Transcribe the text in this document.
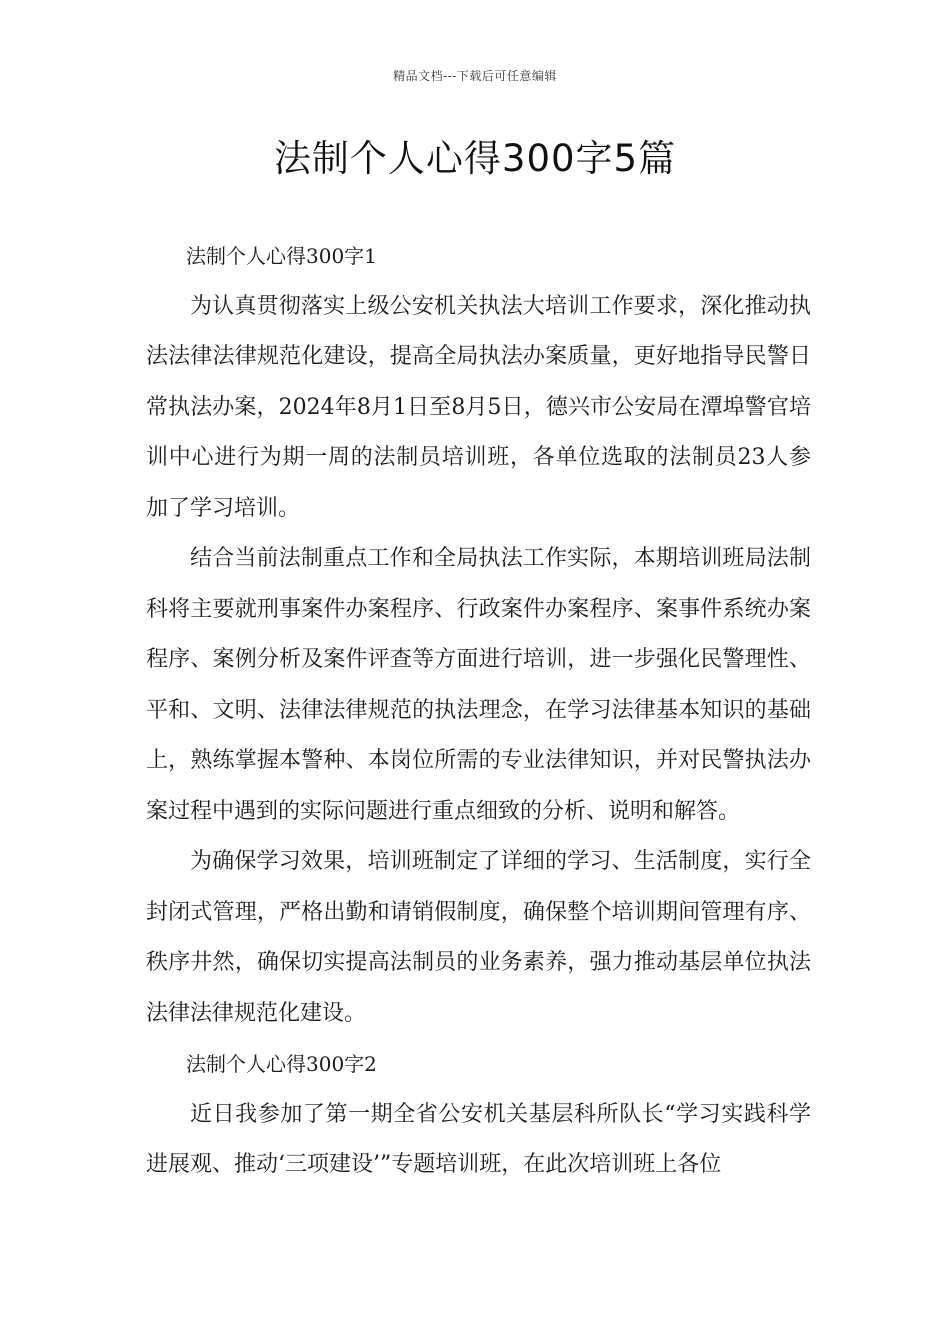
精品文档---下载后可任意编辑
法制个人心得300字5篇

法制个人心得300字1

为认真贯彻落实上级公安机关执法大培训工作要求，深化推动执法法律法律规范化建设，提高全局执法办案质量，更好地指导民警日常执法办案，2024年8月1日至8月5日，德兴市公安局在潭埠警官培训中心进行为期一周的法制员培训班，各单位选取的法制员23人参加了学习培训。

结合当前法制重点工作和全局执法工作实际，本期培训班局法制科将主要就刑事案件办案程序、行政案件办案程序、案事件系统办案程序、案例分析及案件评查等方面进行培训，进一步强化民警理性、平和、文明、法律法律规范的执法理念，在学习法律基本知识的基础上，熟练掌握本警种、本岗位所需的专业法律知识，并对民警执法办案过程中遇到的实际问题进行重点细致的分析、说明和解答。

为确保学习效果，培训班制定了详细的学习、生活制度，实行全封闭式管理，严格出勤和请销假制度，确保整个培训期间管理有序、秩序井然，确保切实提高法制员的业务素养，强力推动基层单位执法法律法律规范化建设。

法制个人心得300字2

近日我参加了第一期全省公安机关基层科所队长“学习实践科学进展观、推动‘三项建设’”专题培训班，在此次培训班上各位
